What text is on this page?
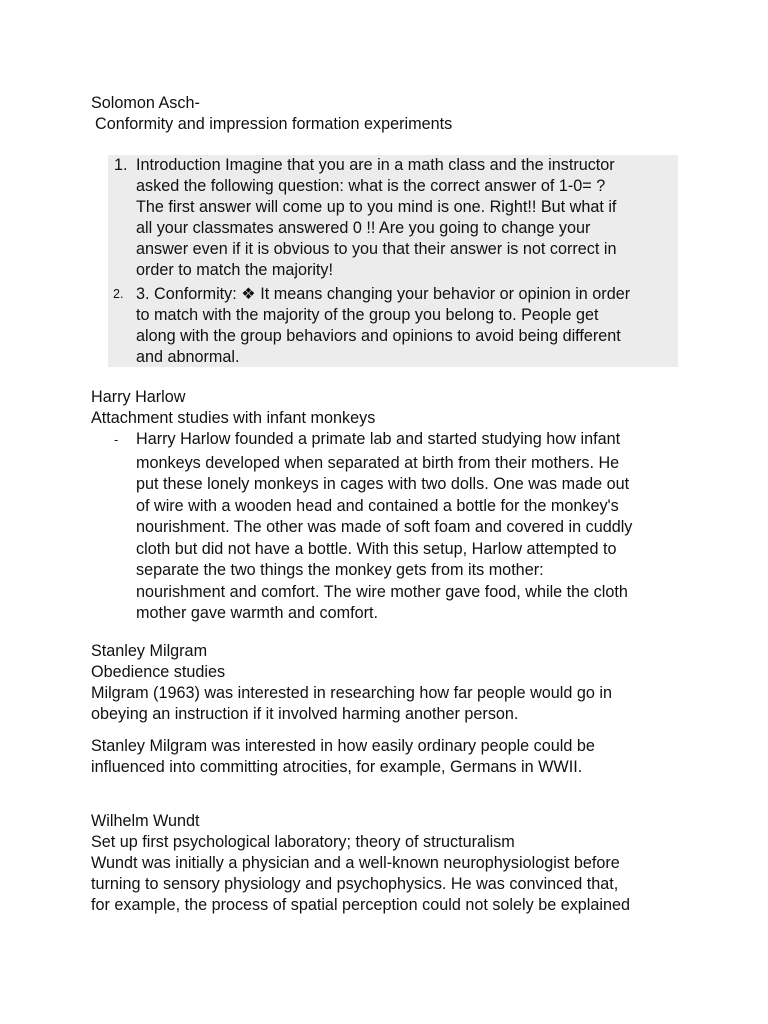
Solomon Asch-
Conformity and impression formation experiments
1. Introduction Imagine that you are in a math class and the instructor
asked the following question: what is the correct answer of 1-0= ?
The first answer will come up to you mind is one. Right!! But what if
all your classmates answered 0 !! Are you going to change your
answer even if it is obvious to you that their answer is not correct in
order to match the majority!
2. 3. Conformity: ❖ It means changing your behavior or opinion in order
to match with the majority of the group you belong to. People get
along with the group behaviors and opinions to avoid being different
and abnormal.
Harry Harlow
Attachment studies with infant monkeys
- Harry Harlow founded a primate lab and started studying how infant
monkeys developed when separated at birth from their mothers. He
put these lonely monkeys in cages with two dolls. One was made out
of wire with a wooden head and contained a bottle for the monkey's
nourishment. The other was made of soft foam and covered in cuddly
cloth but did not have a bottle. With this setup, Harlow attempted to
separate the two things the monkey gets from its mother:
nourishment and comfort. The wire mother gave food, while the cloth
mother gave warmth and comfort.
Stanley Milgram
Obedience studies
Milgram (1963) was interested in researching how far people would go in
obeying an instruction if it involved harming another person.
Stanley Milgram was interested in how easily ordinary people could be
influenced into committing atrocities, for example, Germans in WWII.
Wilhelm Wundt
Set up first psychological laboratory; theory of structuralism
Wundt was initially a physician and a well-known neurophysiologist before
turning to sensory physiology and psychophysics. He was convinced that,
for example, the process of spatial perception could not solely be explained
